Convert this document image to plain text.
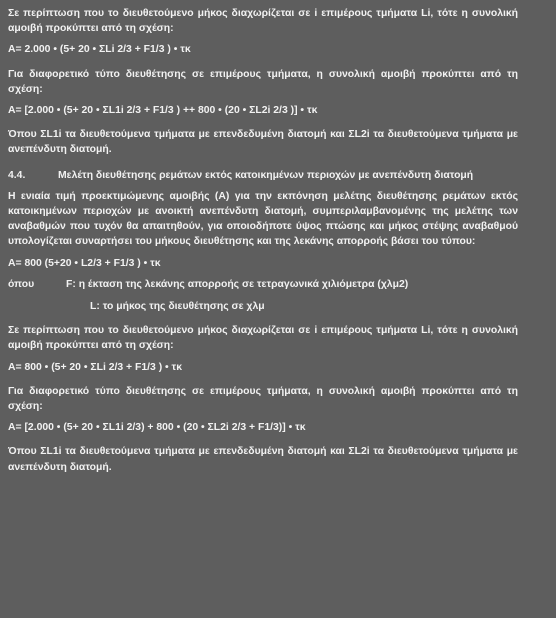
Σε περίπτωση που το διευθετούμενο μήκος διαχωρίζεται σε i επιμέρους τμήματα Li, τότε η συνολική αμοιβή προκύπτει από τη σχέση:

Α= 2.000 • (5+ 20 • ΣLi 2/3 + F1/3 ) • τκ

Για διαφορετικό τύπο διευθέτησης σε επιμέρους τμήματα, η συνολική αμοιβή προκύπτει από τη σχέση:

Α= [2.000 • (5+ 20 • ΣL1i 2/3 + F1/3 ) ++ 800 • (20 • ΣL2i 2/3 )] • τκ

Όπου ΣL1i τα διευθετούμενα τμήματα με επενδεδυμένη διατομή και ΣL2i τα διευθετούμενα τμήματα με ανεπένδυτη διατομή.

4.4.	Μελέτη διευθέτησης ρεμάτων εκτός κατοικημένων περιοχών με ανεπένδυτη διατομή

Η ενιαία τιμή προεκτιμώμενης αμοιβής (Α) για την εκπόνηση μελέτης διευθέτησης ρεμάτων εκτός κατοικημένων περιοχών με ανοικτή ανεπένδυτη διατομή, συμπεριλαμβανομένης της μελέτης των αναβαθμών που τυχόν θα απαιτηθούν, για οποιοδήποτε ύψος πτώσης και μήκος στέψης αναβαθμού υπολογίζεται συναρτήσει του μήκους διευθέτησης και της λεκάνης απορροής βάσει του τύπου:

Α= 800 (5+20 • L2/3 + F1/3 ) • τκ

όπου	F: η έκταση της λεκάνης απορροής σε τετραγωνικά χιλιόμετρα (χλμ2)
L: το μήκος της διευθέτησης σε χλμ

Σε περίπτωση που το διευθετούμενο μήκος διαχωρίζεται σε i επιμέρους τμήματα Li, τότε η συνολική αμοιβή προκύπτει από τη σχέση:

Α= 800 • (5+ 20 • ΣLi 2/3 + F1/3 ) • τκ

Για διαφορετικό τύπο διευθέτησης σε επιμέρους τμήματα, η συνολική αμοιβή προκύπτει από τη σχέση:

Α= [2.000 • (5+ 20 • ΣL1i 2/3) + 800 • (20 • ΣL2i 2/3 + F1/3)] • τκ

Όπου ΣL1i τα διευθετούμενα τμήματα με επενδεδυμένη διατομή και ΣL2i τα διευθετούμενα τμήματα με ανεπένδυτη διατομή.
